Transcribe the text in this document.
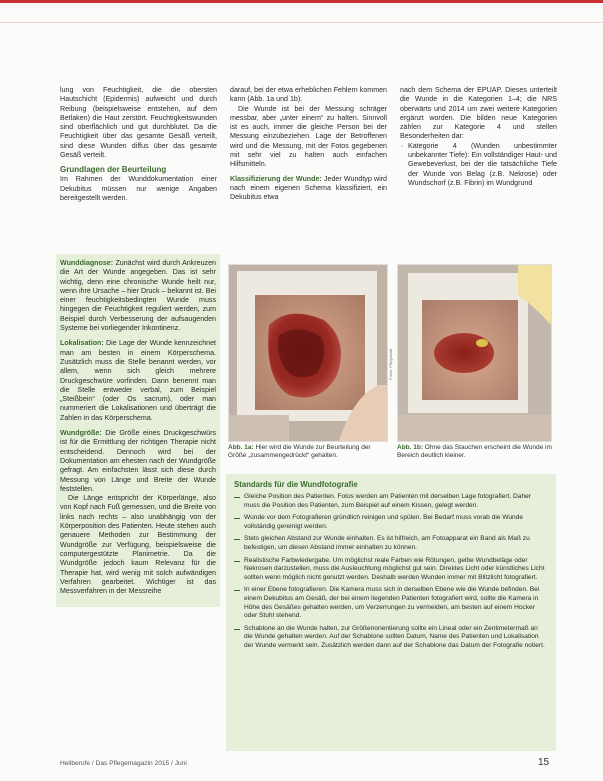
lung von Feuchtigkeit, die die obersten Hautschicht (Epidermis) aufweicht und durch Reibung (beispielsweise entstehen, auf dem Betlaken) die Haut zerstört. Feuchtigkeitswunden sind oberflächlich und gut durchblutet. Da die Feuchtigkeit über das gesamte Gesäß verteilt, sind diese Wunden diffus über das gesamte Gesäß verteilt.

Grundlagen der Beurteilung

Im Rahmen der Wunddokumentation einer Dekubitus müssen nur wenige Angaben bereitgestellt werden.

Wunddiagnose: Zunächst wird durch Ankreuzen die Art der Wunde angegeben. Das ist sehr wichtig, denn eine chronische Wunde heilt nur, wenn ihre Ursache – hier Druck – bekannt ist. Bei einer feuchtigkeitsbedingten Wunde muss hingegen die Feuchtigkeit reguliert werden, zum Beispiel durch Verbesserung der aufsaugenden Systeme bei vorliegender Inkontinenz.

Lokalisation: Die Lage der Wunde kennzeichnet man am besten in einem Körperschema. Zusätzlich muss die Stelle benannt werden, vor allem, wenn sich gleich mehrere Druckgeschwüre vorfinden. Dann benennt man die Stelle entweder verbal, zum Beispiel „Steißbein“ (oder Os sacrum), oder man nummeriert die Lokalisationen und überträgt die Zahlen in das Körperschema.

Wundgröße: Die Größe eines Druckgeschwürs ist für die Ermittlung der richtigen Therapie nicht entscheidend. Dennoch wird bei der Dokumentation am ehesten nach der Wundgröße gefragt. Am einfachsten lässt sich diese durch Messung von Länge und Breite der Wunde feststellen.

Die Länge entspricht der Körperlänge, also von Kopf nach Fuß gemessen, und die Breite von links nach rechts – also unabhängig von der Körperposition des Patienten. Heute stehen auch genauere Methoden zur Bestimmung der Wundgröße zur Verfügung, beispielsweise die computergestützte Planimetrie. Da die Wundgröße jedoch kaum Relevanz für die Therapie hat, wird wenig mit solch aufwändigen Verfahren gearbeitet. Wichtiger ist das Messverfahren in der Messreihe

darauf, bei der etwa erheblichen Fehlern kommen kann (Abb. 1a und 1b).

Die Wunde ist bei der Messung schräger messbar, aber „unter einem“ zu halten. Sinnvoll ist es auch, immer die gleiche Person bei der Messung einzubeziehen. Lage der Betroffenen wird und die Messung, mit der Fotos gegebenen mit sehr viel zu halten auch einfachen Hilfsmitteln.

Klassifizierung der Wunde: Jeder Wundtyp wird nach einem eigenen Schema klassifiziert, ein Dekubitus etwa

nach dem Schema der EPUAP. Dieses unterteilt die Wunde in die Kategorien 1–4; die NRS oberwärts und 2014 um zwei weitere Kategorien ergänzt worden. Die bilden neue Kategorien zählen zur Kategorie 4 und stellen Besonderheiten dar:

· Kategorie 4 (Wunden unbestimmter unbekannter Tiefe): Ein vollständiger Haut- und Gewebeverlust, bei der die tatsächliche Tiefe der Wunde von Belag (z.B. Nekrose) oder Wundschorf (z.B. Fibrin) im Wundgrund

Fotos: Pflegekraft
Abb. 1a: Hier wird die Wunde zur Beurteilung der Größe „zusammengedrückt“ gehalten.
Abb. 1b: Ohne das Stauchen erscheint die Wunde im Bereich deutlich kleiner.
Standards für die Wundfotografie
Gleiche Position des Patienten. Fotos werden am Patienten mit derselben Lage fotografiert. Daher muss die Position des Patienten, zum Beispiel auf einem Kissen, gelegt werden.
Wunde vor dem Fotografieren gründlich reinigen und spülen. Bei Bedarf muss vorab die Wunde vollständig gereinigt werden.
Stets gleichen Abstand zur Wunde einhalten. Es ist hilfreich, am Fotoapparat ein Band als Maß zu befestigen, um diesen Abstand immer einhalten zu können.
Realistische Farbwiedergabe. Um möglichst reale Farben wie Rötungen, gelbe Wundbeläge oder Nekrosen darzustellen, muss die Ausleuchtung möglichst gut sein. Direktes Licht oder künstliches Licht sollten wenn möglich nicht genutzt werden. Deshalb werden Wunden immer mit Blitzlicht fotografiert.
In einer Ebene fotografieren. Die Kamera muss sich in derselben Ebene wie die Wunde befinden. Bei einem Dekubitus am Gesäß, der bei einem liegenden Patienten fotografiert wird, sollte die Kamera in Höhe des Gesäßes gehalten werden, um Verzerrungen zu vermeiden, am besten auf einem Hocker oder Stuhl stehend.
Schablone an die Wunde halten, zur Größenorientierung sollte ein Lineal oder ein Zentimetermaß an die Wunde gehalten werden. Auf der Schablone sollten Datum, Name des Patienten und Lokalisation der Wunde vermerkt sein. Zusätzlich werden dann auf der Schablone das Datum der Fotografie notiert.
Heilberufe / Das Pflegemagazin 2015 / Juni	15
